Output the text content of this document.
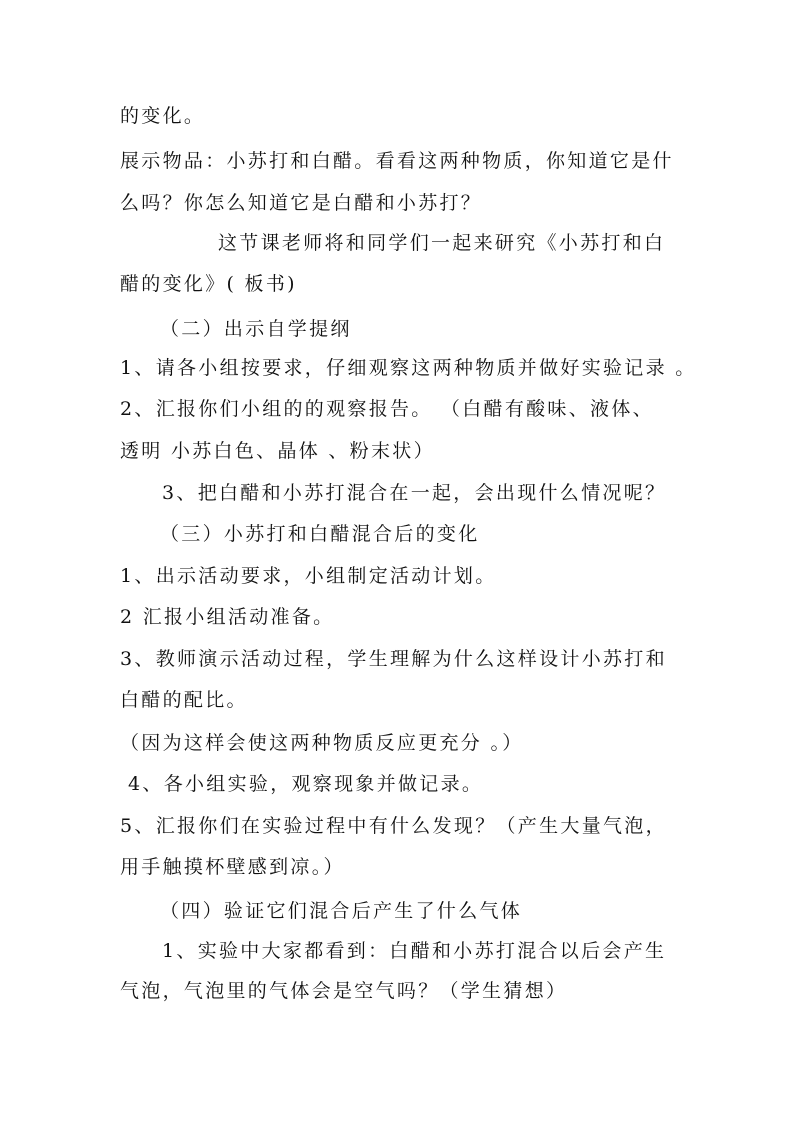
的变化。
展示物品：小苏打和白醋。看看这两种物质，你知道它是什
么吗？你怎么知道它是白醋和小苏打？
这节课老师将和同学们一起来研究《小苏打和白
醋的变化》( 板书)
（二）出示自学提纲
1、请各小组按要求，仔细观察这两种物质并做好实验记录 。
2、汇报你们小组的的观察报告。 （白醋有酸味、液体、
透明 小苏白色、晶体 、粉末状）
3、把白醋和小苏打混合在一起，会出现什么情况呢？
（三）小苏打和白醋混合后的变化
1、出示活动要求，小组制定活动计划。
2 汇报小组活动准备。
3、教师演示活动过程，学生理解为什么这样设计小苏打和
白醋的配比。
（因为这样会使这两种物质反应更充分 。）
4、各小组实验，观察现象并做记录。
5、汇报你们在实验过程中有什么发现？（产生大量气泡，
用手触摸杯壁感到凉。）
（四）验证它们混合后产生了什么气体
1、实验中大家都看到：白醋和小苏打混合以后会产生
气泡，气泡里的气体会是空气吗？（学生猜想）
